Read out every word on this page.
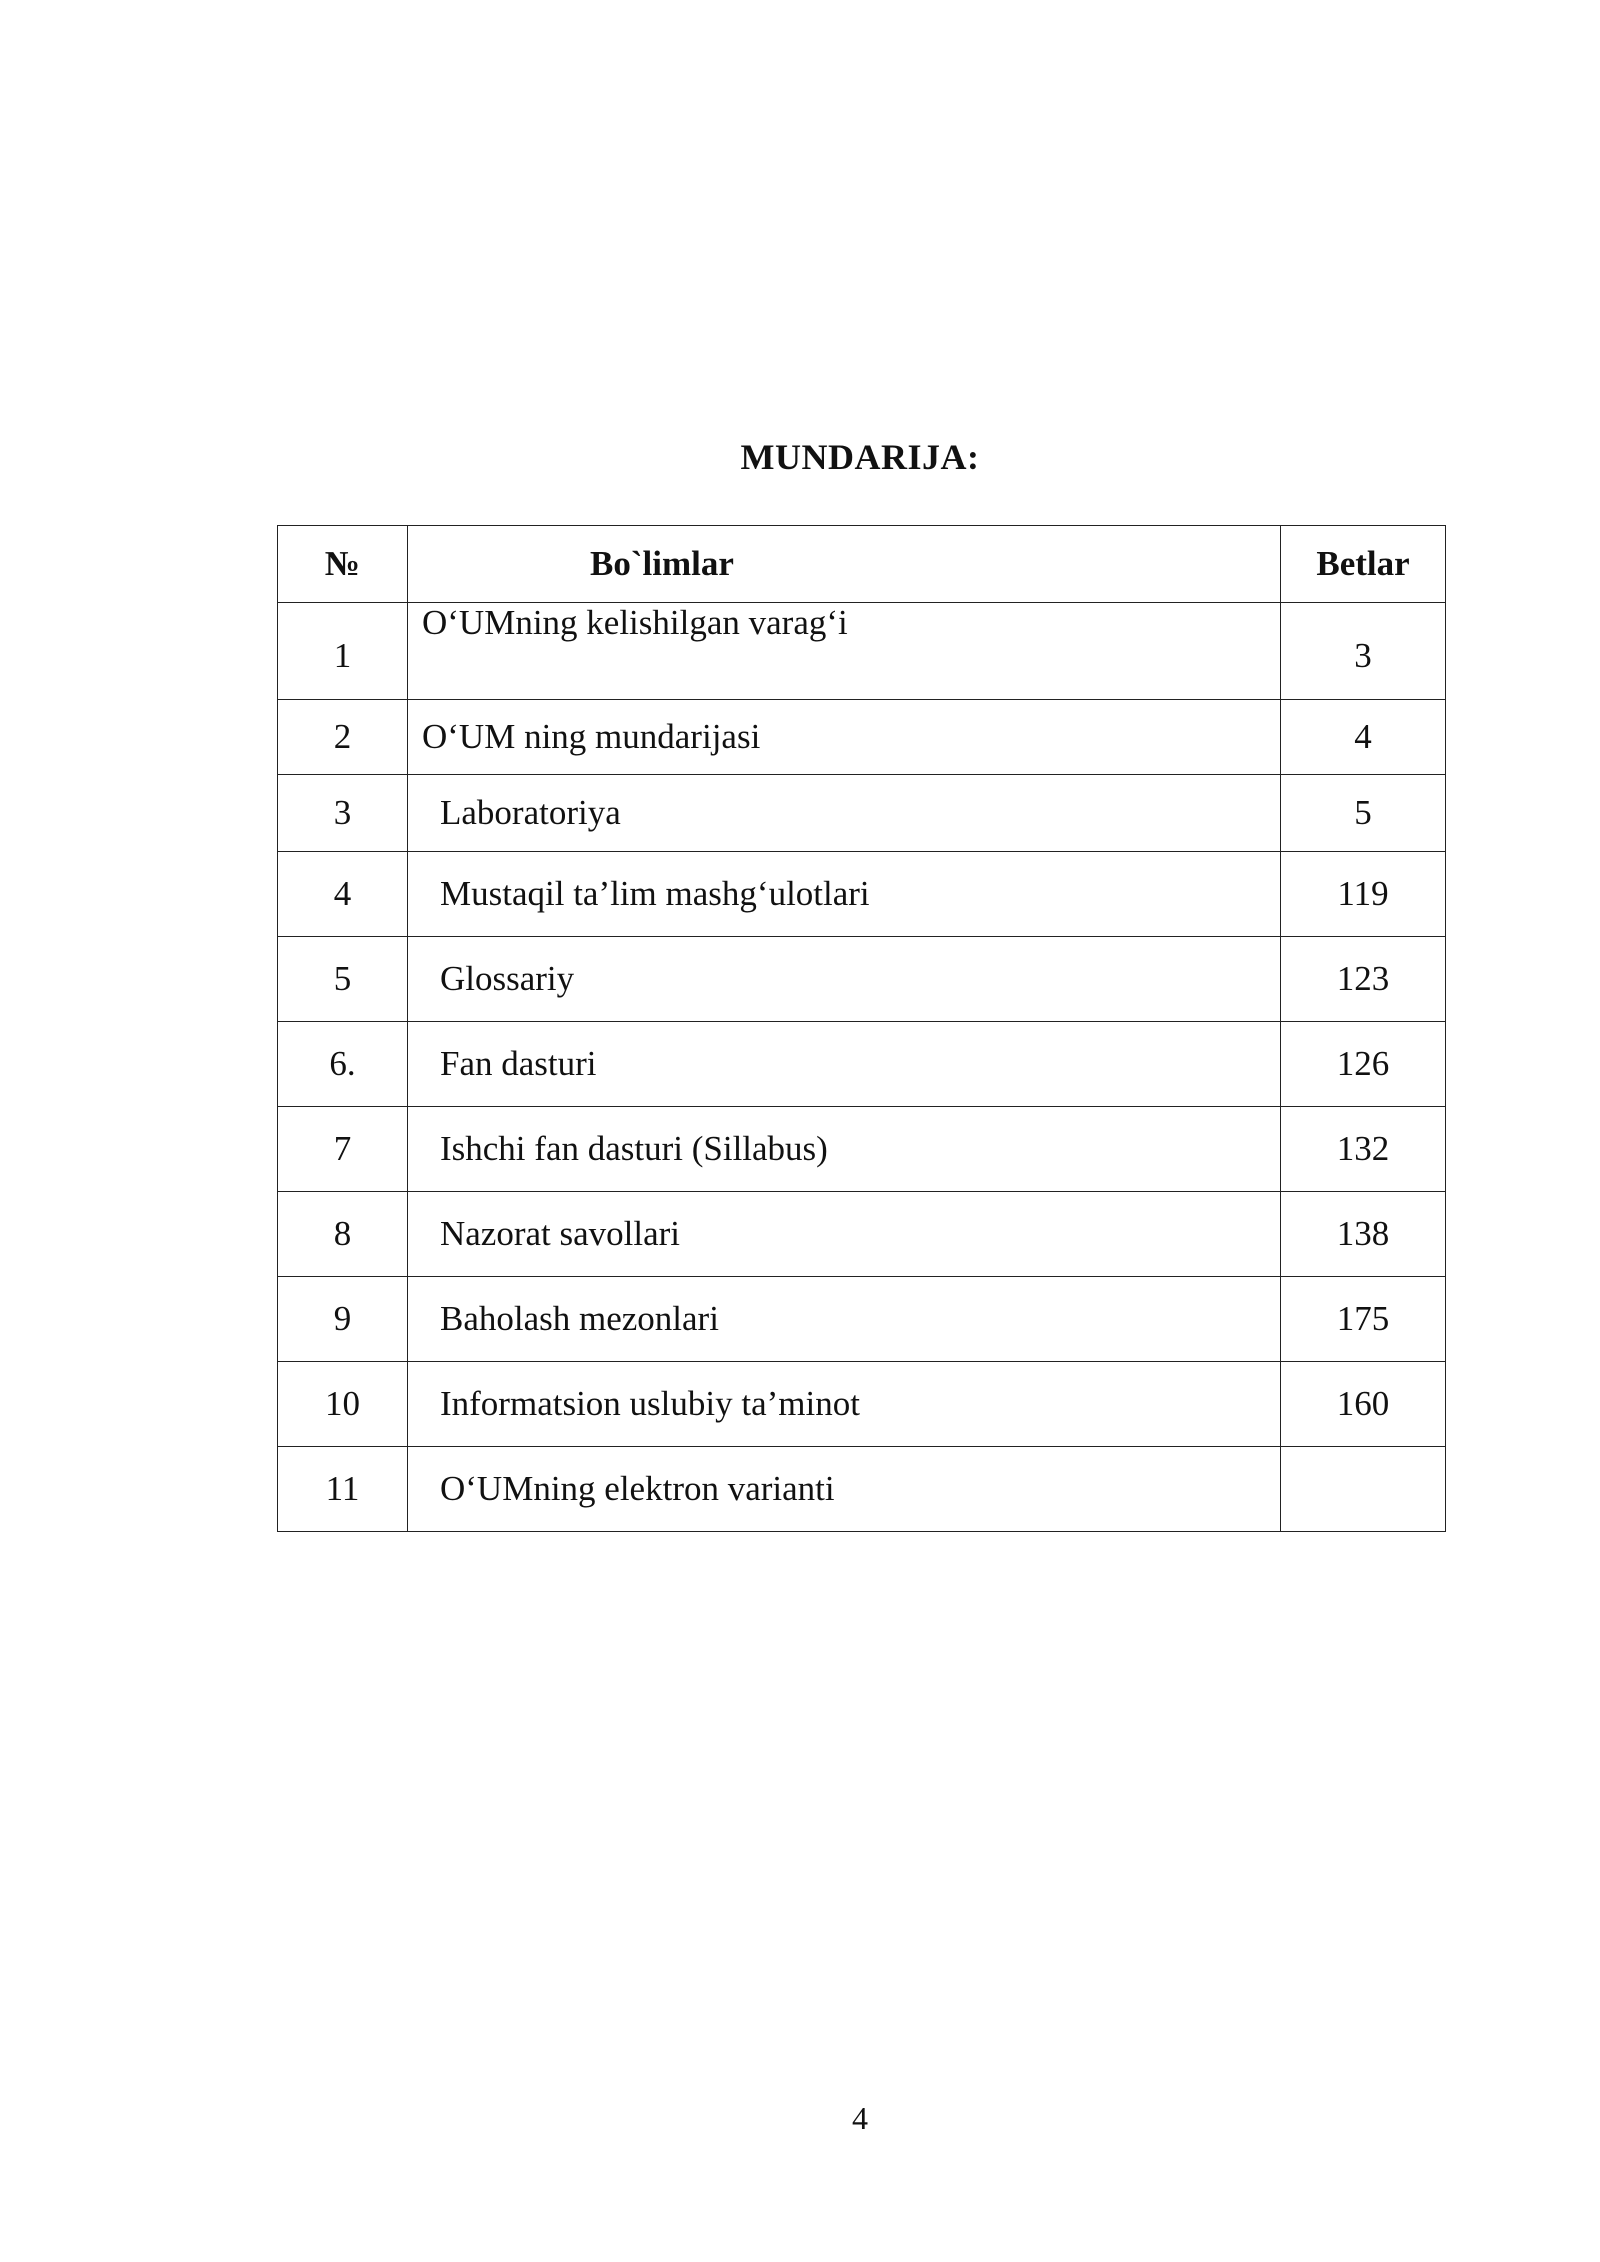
MUNDARIJA:
№	Bo`limlar	Betlar
1	O‘UMning kelishilgan varag‘i	3
2	O‘UM ning mundarijasi	4
3	Laboratoriya	5
4	Mustaqil ta’lim mashg‘ulotlari	119
5	Glossariy	123
6.	Fan dasturi	126
7	Ishchi fan dasturi (Sillabus)	132
8	Nazorat savollari	138
9	Baholash mezonlari	175
10	Informatsion uslubiy ta’minot	160
11	O‘UMning elektron varianti	
4
